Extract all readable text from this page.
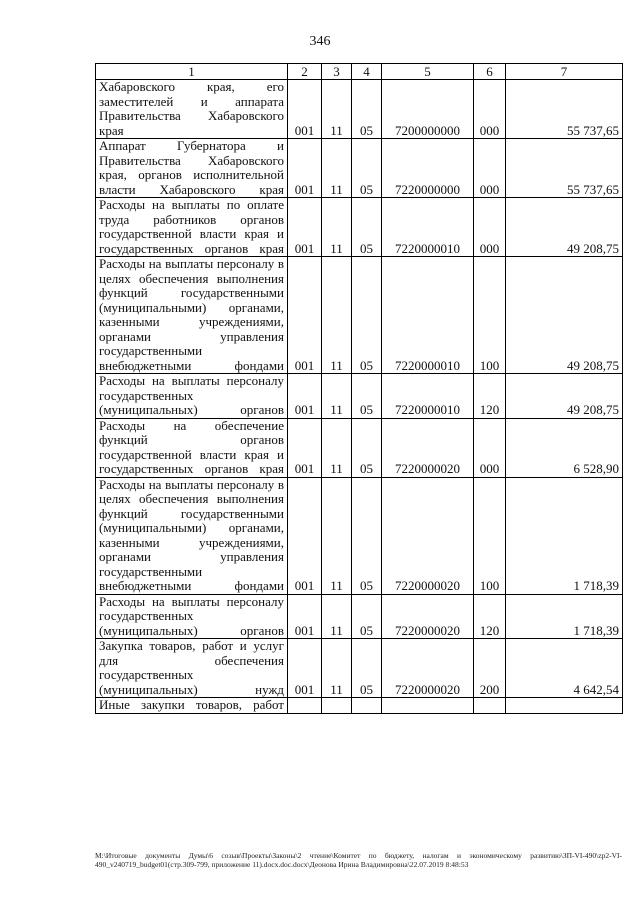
346
1	2	3	4	5	6	7

Хабаровского края, его заместителей и аппарата Правительства Хабаровского края	001	11	05	7200000000	000	55 737,65

Аппарат Губернатора и Правительства Хабаровского края, органов исполнительной власти Хабаровского края	001	11	05	7220000000	000	55 737,65

Расходы на выплаты по оплате труда работников органов государственной власти края и государственных органов края	001	11	05	7220000010	000	49 208,75

Расходы на выплаты персоналу в целях обеспечения выполнения функций государственными (муниципальными) органами, казенными учреждениями, органами управления государственными внебюджетными фондами	001	11	05	7220000010	100	49 208,75

Расходы на выплаты персоналу государственных (муниципальных) органов	001	11	05	7220000010	120	49 208,75

Расходы на обеспечение функций органов государственной власти края и государственных органов края	001	11	05	7220000020	000	6 528,90

Расходы на выплаты персоналу в целях обеспечения выполнения функций государственными (муниципальными) органами, казенными учреждениями, органами управления государственными внебюджетными фондами	001	11	05	7220000020	100	1 718,39

Расходы на выплаты персоналу государственных (муниципальных) органов	001	11	05	7220000020	120	1 718,39

Закупка товаров, работ и услуг для обеспечения государственных (муниципальных) нужд	001	11	05	7220000020	200	4 642,54

Иные закупки товаров, работ						

M:\Итоговые документы Думы\6 созыв\Проекты\Законы\2 чтение\Комитет по бюджету, налогам и экономическому развитию\ЗП-VI-490\zp2-VI-490_v240719_budget01(стр.309-799, приложение 11).docx.doc.docx\Деонова Ирина Владимировна\22.07.2019 8:48:53
